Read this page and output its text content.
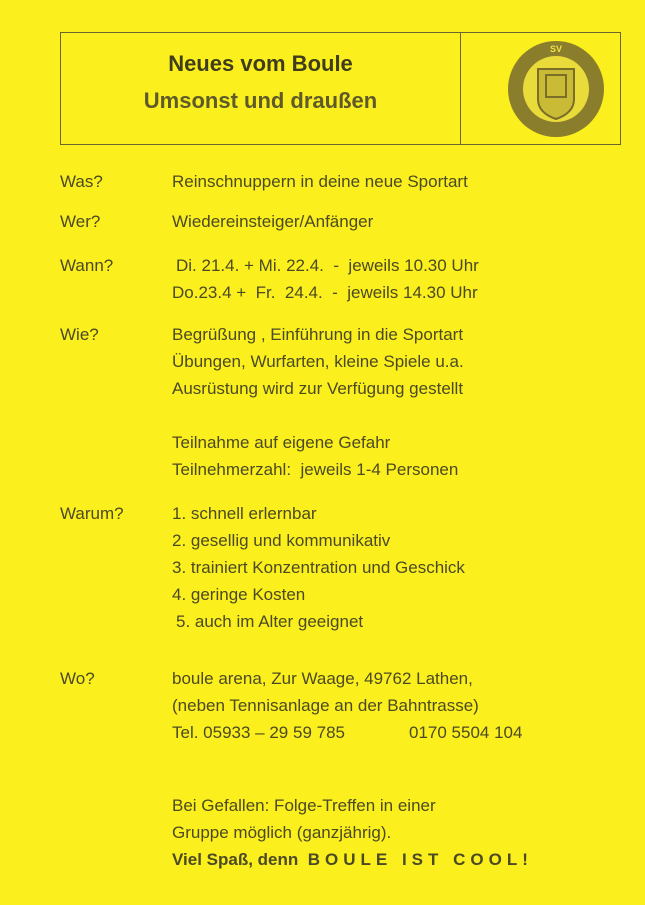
Neues vom Boule
Umsonst und draußen
SV
Was?	Reinschnuppern in deine neue Sportart
Wer?	Wiedereinsteiger/Anfänger
Wann?	Di. 21.4. + Mi. 22.4.  -  jeweils 10.30 Uhr
Do.23.4 +  Fr.  24.4.  -  jeweils 14.30 Uhr
Wie?	Begrüßung , Einführung in die Sportart
Übungen, Wurfarten, kleine Spiele u.a.
Ausrüstung wird zur Verfügung gestellt
Teilnahme auf eigene Gefahr
Teilnehmerzahl:  jeweils 1-4 Personen
Warum?	1. schnell erlernbar
2. gesellig und kommunikativ
3. trainiert Konzentration und Geschick
4. geringe Kosten
5. auch im Alter geeignet
Wo?	boule arena, Zur Waage, 49762 Lathen,
(neben Tennisanlage an der Bahntrasse)
Tel. 05933 – 29 59 785	0170 5504 104
Bei Gefallen: Folge-Treffen in einer
Gruppe möglich (ganzjährig).
Viel Spaß, denn BOULE IST COOL!
